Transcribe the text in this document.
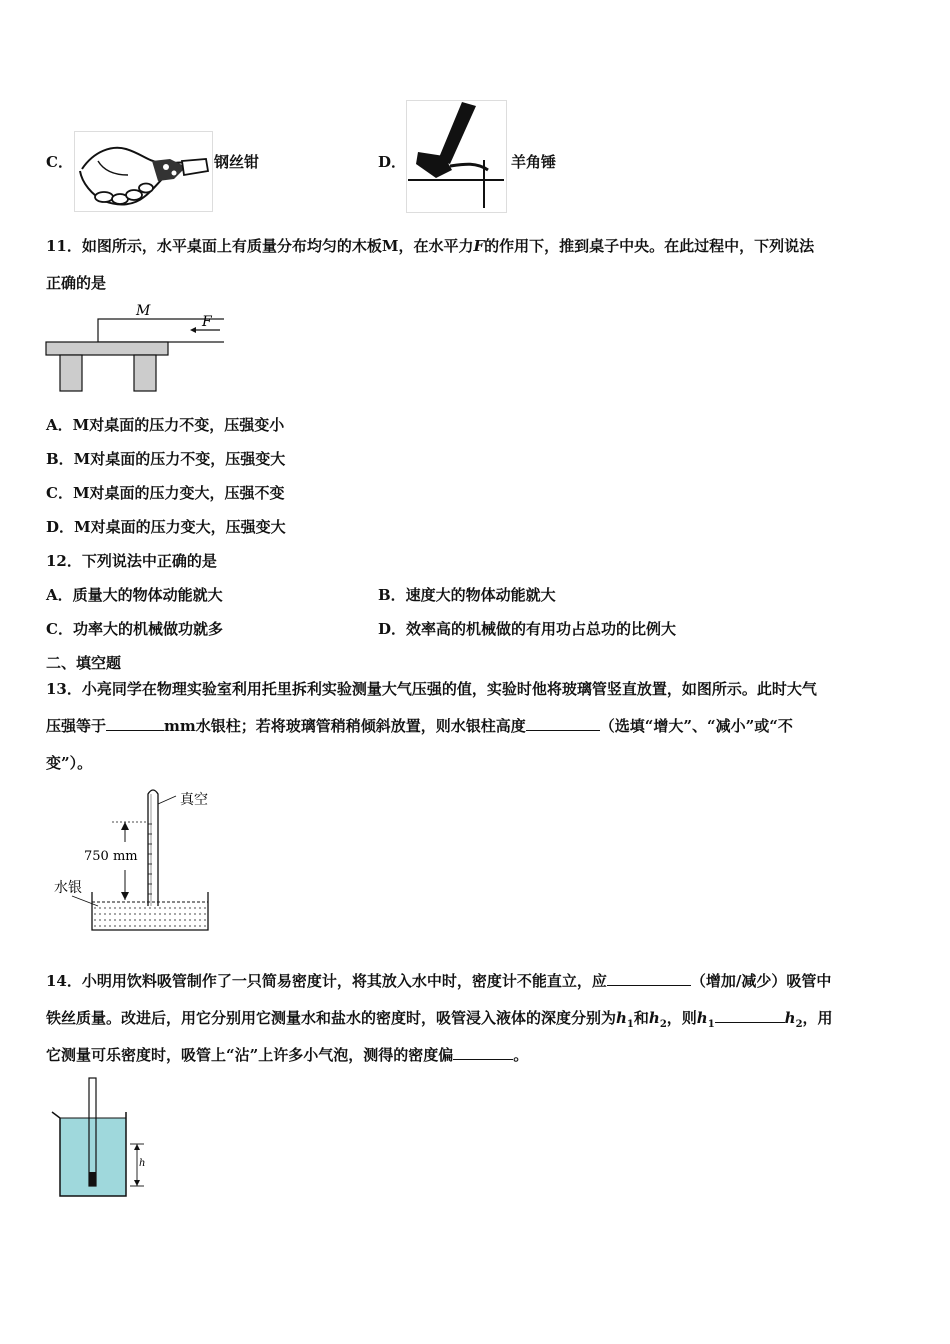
C．	钢丝钳	D．	羊角锤
11．如图所示，水平桌面上有质量分布均匀的木板M，在水平力F的作用下，推到桌子中央。在此过程中，下列说法
正确的是
M
F
A．M对桌面的压力不变，压强变小
B．M对桌面的压力不变，压强变大
C．M对桌面的压力变大，压强不变
D．M对桌面的压力变大，压强变大
12．下列说法中正确的是
A．质量大的物体动能就大	B．速度大的物体动能就大
C．功率大的机械做功就多	D．效率高的机械做的有用功占总功的比例大
二、填空题
13．小亮同学在物理实验室利用托里拆利实验测量大气压强的值，实验时他将玻璃管竖直放置，如图所示。此时大气
压强等于	mm水银柱；若将玻璃管稍稍倾斜放置，则水银柱高度	（选填“增大”、“减小”或“不
变”）。
真空
750 mm
水银
14．小明用饮料吸管制作了一只简易密度计，将其放入水中时，密度计不能直立，应	（增加/减少）吸管中
铁丝质量。改进后，用它分别用它测量水和盐水的密度时，吸管浸入液体的深度分别为$h_1$和$h_2$，则$h_1$	$h_2$，用
它测量可乐密度时，吸管上“沾”上许多小气泡，测得的密度偏	。
h
